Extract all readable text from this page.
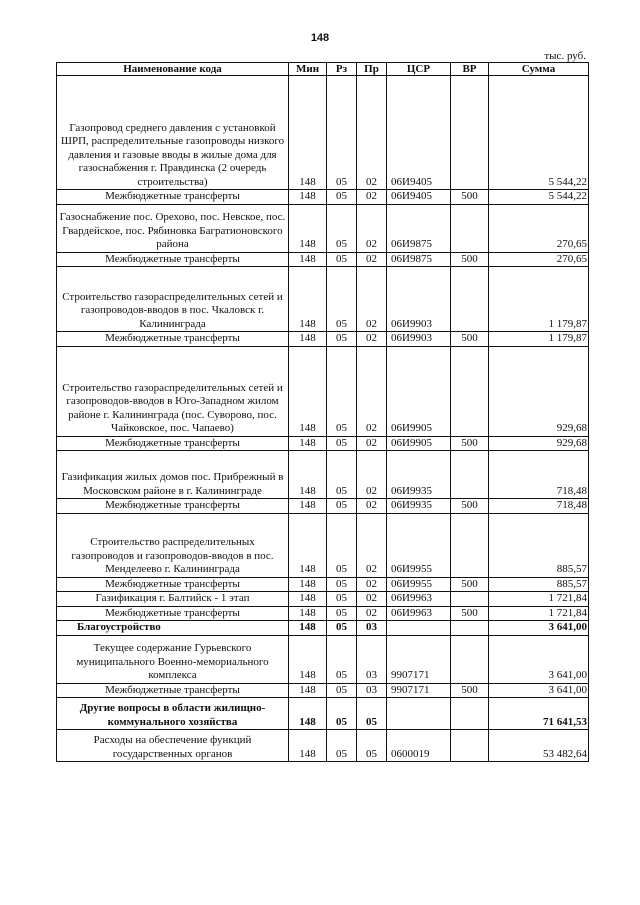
148
тыс. руб.
Наименование кода	Мин	Рз	Пр	ЦСР	ВР	Сумма
Газопровод среднего давления с установкой ШРП, распределительные газопроводы низкого давления и газовые вводы в жилые дома для газоснабжения г. Правдинска (2 очередь строительства)	148	05	02	06И9405		5 544,22
Межбюджетные трансферты	148	05	02	06И9405	500	5 544,22
Газоснабжение пос. Орехово, пос. Невское, пос. Гвардейское, пос. Рябиновка Багратионовского района	148	05	02	06И9875		270,65
Межбюджетные трансферты	148	05	02	06И9875	500	270,65
Строительство газораспределительных сетей и газопроводов-вводов в пос. Чкаловск г. Калининграда	148	05	02	06И9903		1 179,87
Межбюджетные трансферты	148	05	02	06И9903	500	1 179,87
Строительство газораспределительных сетей и газопроводов-вводов в Юго-Западном жилом районе г. Калининграда (пос. Суворово, пос. Чайковское, пос. Чапаево)	148	05	02	06И9905		929,68
Межбюджетные трансферты	148	05	02	06И9905	500	929,68
Газификация жилых домов пос. Прибрежный в Московском районе в г. Калининграде	148	05	02	06И9935		718,48
Межбюджетные трансферты	148	05	02	06И9935	500	718,48
Строительство распределительных газопроводов и газопроводов-вводов в пос. Менделеево г. Калининграда	148	05	02	06И9955		885,57
Межбюджетные трансферты	148	05	02	06И9955	500	885,57
Газификация г. Балтийск - 1 этап	148	05	02	06И9963		1 721,84
Межбюджетные трансферты	148	05	02	06И9963	500	1 721,84
Благоустройство	148	05	03			3 641,00
Текущее содержание Гурьевского муниципального Военно-мемориального комплекса	148	05	03	9907171		3 641,00
Межбюджетные трансферты	148	05	03	9907171	500	3 641,00
Другие вопросы в области жилищно-коммунального хозяйства	148	05	05			71 641,53
Расходы на обеспечение функций государственных органов	148	05	05	0600019		53 482,64
